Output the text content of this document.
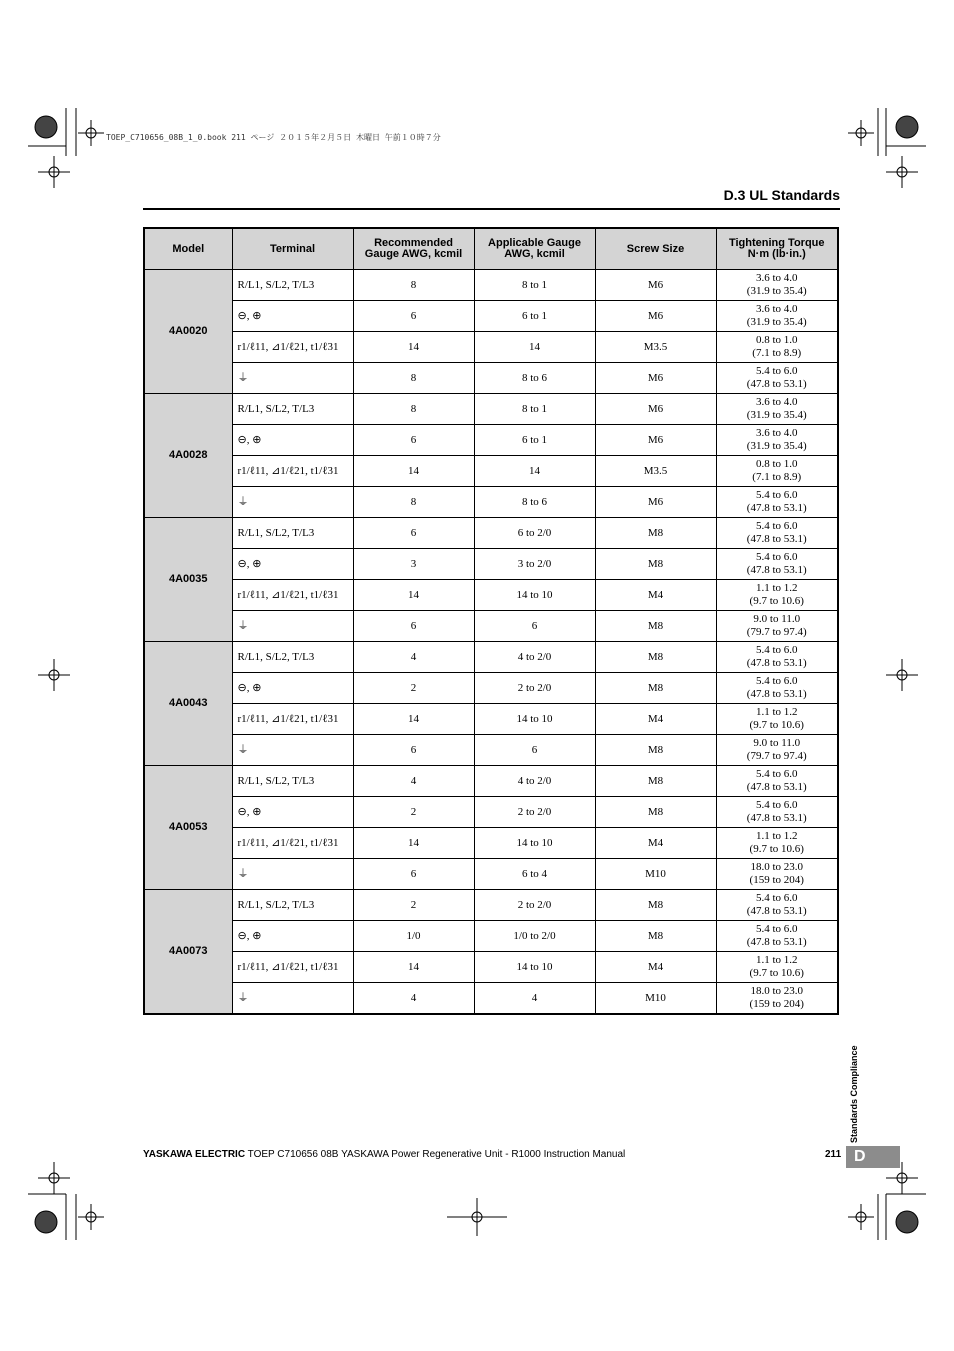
TOEP_C710656_08B_1_0.book 211 ページ ２０１５年２月５日 木曜日 午前１０時７分
D.3 UL Standards
Model	Terminal	Recommended Gauge AWG, kcmil	Applicable Gauge AWG, kcmil	Screw Size	Tightening Torque N·m (lb·in.)
4A0020	R/L1, S/L2, T/L3	8	8 to 1	M6	3.6 to 4.0
(31.9 to 35.4)

	⊖, ⊕	6	6 to 1	M6	3.6 to 4.0
(31.9 to 35.4)

	r1/ℓ11, ⊿1/ℓ21, t1/ℓ31	14	14	M3.5	0.8 to 1.0
(7.1 to 8.9)

	⏚	8	8 to 6	M6	5.4 to 6.0
(47.8 to 53.1)

4A0028	R/L1, S/L2, T/L3	8	8 to 1	M6	3.6 to 4.0
(31.9 to 35.4)

	⊖, ⊕	6	6 to 1	M6	3.6 to 4.0
(31.9 to 35.4)

	r1/ℓ11, ⊿1/ℓ21, t1/ℓ31	14	14	M3.5	0.8 to 1.0
(7.1 to 8.9)

	⏚	8	8 to 6	M6	5.4 to 6.0
(47.8 to 53.1)

4A0035	R/L1, S/L2, T/L3	6	6 to 2/0	M8	5.4 to 6.0
(47.8 to 53.1)

	⊖, ⊕	3	3 to 2/0	M8	5.4 to 6.0
(47.8 to 53.1)

	r1/ℓ11, ⊿1/ℓ21, t1/ℓ31	14	14 to 10	M4	1.1 to 1.2
(9.7 to 10.6)

	⏚	6	6	M8	9.0 to 11.0
(79.7 to 97.4)

4A0043	R/L1, S/L2, T/L3	4	4 to 2/0	M8	5.4 to 6.0
(47.8 to 53.1)

	⊖, ⊕	2	2 to 2/0	M8	5.4 to 6.0
(47.8 to 53.1)

	r1/ℓ11, ⊿1/ℓ21, t1/ℓ31	14	14 to 10	M4	1.1 to 1.2
(9.7 to 10.6)

	⏚	6	6	M8	9.0 to 11.0
(79.7 to 97.4)

4A0053	R/L1, S/L2, T/L3	4	4 to 2/0	M8	5.4 to 6.0
(47.8 to 53.1)

	⊖, ⊕	2	2 to 2/0	M8	5.4 to 6.0
(47.8 to 53.1)

	r1/ℓ11, ⊿1/ℓ21, t1/ℓ31	14	14 to 10	M4	1.1 to 1.2
(9.7 to 10.6)

	⏚	6	6 to 4	M10	18.0 to 23.0
(159 to 204)

4A0073	R/L1, S/L2, T/L3	2	2 to 2/0	M8	5.4 to 6.0
(47.8 to 53.1)

	⊖, ⊕	1/0	1/0 to 2/0	M8	5.4 to 6.0
(47.8 to 53.1)

	r1/ℓ11, ⊿1/ℓ21, t1/ℓ31	14	14 to 10	M4	1.1 to 1.2
(9.7 to 10.6)

	⏚	4	4	M10	18.0 to 23.0
(159 to 204)
Standards Compliance
YASKAWA ELECTRIC TOEP C710656 08B YASKAWA Power Regenerative Unit - R1000 Instruction Manual	211 D
